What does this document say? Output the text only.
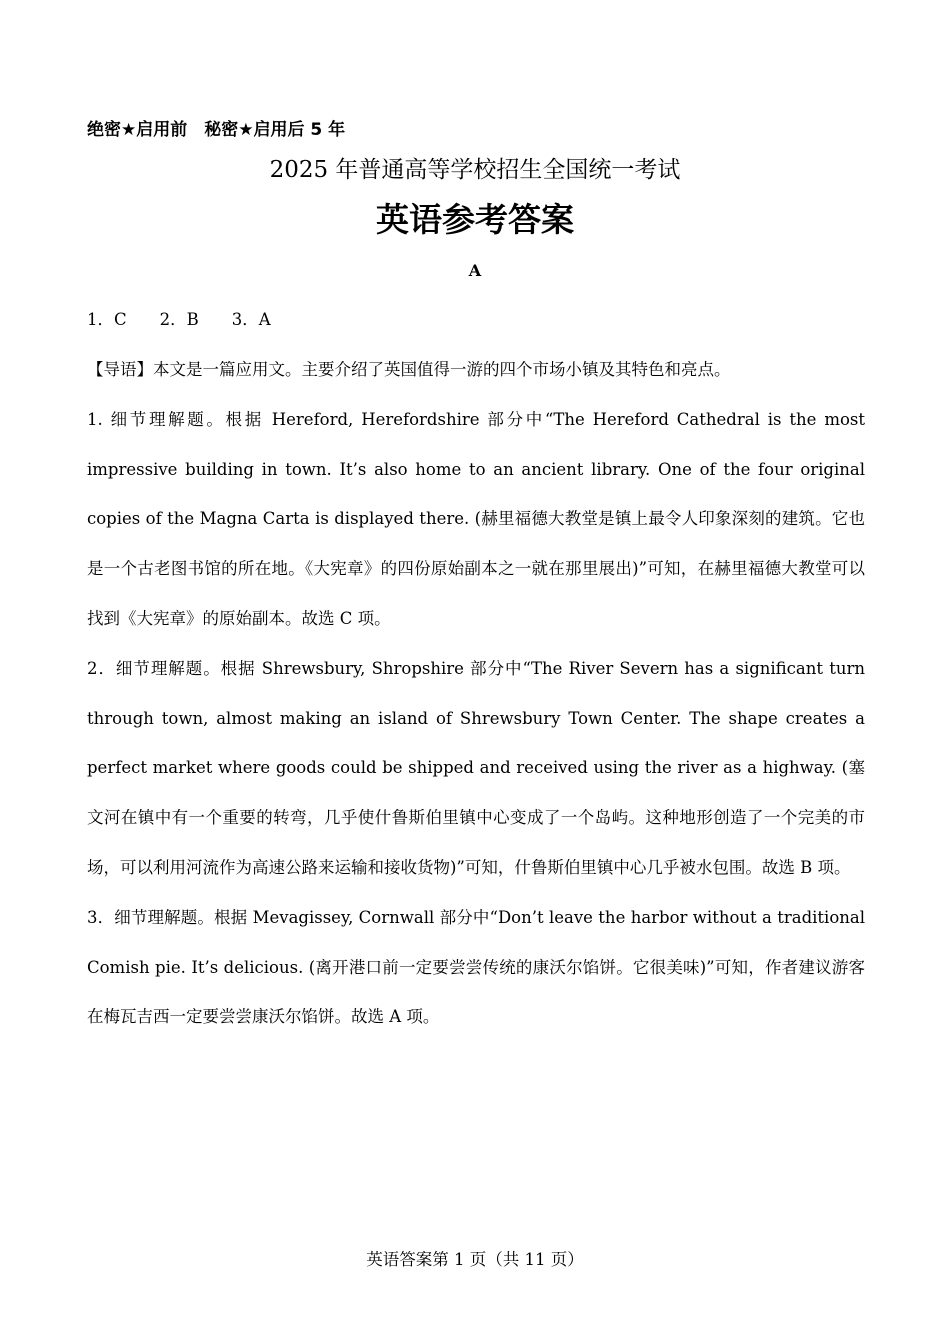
绝密★启用前　秘密★启用后 5 年
2025 年普通高等学校招生全国统一考试
英语参考答案
A
1．C　　2．B　　3．A

【导语】本文是一篇应用文。主要介绍了英国值得一游的四个市场小镇及其特色和亮点。

1. 细节理解题。根据 Hereford, Herefordshire 部分中“The Hereford Cathedral is the most impressive building in town. It’s also home to an ancient library. One of the four original copies of the Magna Carta is displayed there. (赫里福德大教堂是镇上最令人印象深刻的建筑。它也是一个古老图书馆的所在地。《大宪章》的四份原始副本之一就在那里展出)”可知，在赫里福德大教堂可以找到《大宪章》的原始副本。故选 C 项。

2．细节理解题。根据 Shrewsbury, Shropshire 部分中“The River Severn has a significant turn through town, almost making an island of Shrewsbury Town Center. The shape creates a perfect market where goods could be shipped and received using the river as a highway. (塞文河在镇中有一个重要的转弯，几乎使什鲁斯伯里镇中心变成了一个岛屿。这种地形创造了一个完美的市场，可以利用河流作为高速公路来运输和接收货物)”可知，什鲁斯伯里镇中心几乎被水包围。故选 B 项。

3．细节理解题。根据 Mevagissey, Cornwall 部分中“Don’t leave the harbor without a traditional Comish pie. It’s delicious. (离开港口前一定要尝尝传统的康沃尔馅饼。它很美味)”可知，作者建议游客在梅瓦吉西一定要尝尝康沃尔馅饼。故选 A 项。

英语答案第 1 页（共 11 页）
